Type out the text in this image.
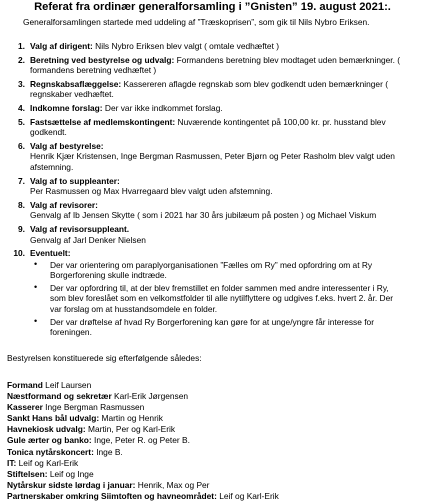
Referat fra ordinær generalforsamling i ”Gnisten” 19. august 2021:.

Generalforsamlingen startede med uddeling af ”Træskoprisen”, som gik til Nils Nybro Eriksen.

1. Valg af dirigent: Nils Nybro Eriksen blev valgt ( omtale vedhæftet )
2. Beretning ved bestyrelse og udvalg: Formandens beretning blev modtaget uden bemærkninger. ( formandens beretning vedhæftet )
3. Regnskabsaflæggelse: Kassereren aflagde regnskab som blev godkendt uden bemærkninger ( regnskaber vedhæftet.
4. Indkomne forslag: Der var ikke indkommet forslag.
5. Fastsættelse af medlemskontingent: Nuværende kontingentet på 100,00 kr. pr. husstand blev godkendt.
6. Valg af bestyrelse:
Henrik Kjær Kristensen, Inge Bergman Rasmussen, Peter Bjørn og Peter Rasholm blev valgt uden afstemning.
7. Valg af to suppleanter:
Per Rasmussen og Max Hvarregaard blev valgt uden afstemning.
8. Valg af revisorer:
Genvalg af Ib Jensen Skytte ( som i 2021 har 30 års jubilæum på posten ) og Michael Viskum
9. Valg af revisorsuppleant.
Genvalg af Jarl Denker Nielsen
10. Eventuelt:
• Der var orientering om paraplyorganisationen ”Fælles om Ry” med opfordring om at Ry Borgerforening skulle indtræde.
• Der var opfordring til, at der blev fremstillet en folder sammen med andre interessenter i Ry, som blev foreslået som en velkomstfolder til alle nytilflyttere og udgives f.eks. hvert 2. år. Der var forslag om at husstandsomdele en folder.
• Der var drøftelse af hvad Ry Borgerforening kan gøre for at unge/yngre får interesse for foreningen.

Bestyrelsen konstituerede sig efterfølgende således:

Formand Leif Laursen
Næstformand og sekretær Karl-Erik Jørgensen
Kasserer Inge Bergman Rasmussen
Sankt Hans bål udvalg: Martin og Henrik
Havnekiosk udvalg: Martin, Per og Karl-Erik
Gule ærter og banko: Inge, Peter R. og Peter B.
Tonica nytårskoncert: Inge B.
IT: Leif og Karl-Erik
Stiftelsen: Leif og Inge
Nytårskur sidste lørdag i januar: Henrik, Max og Per
Partnerskaber omkring Siimtoften og havneområdet: Leif og Karl-Erik
